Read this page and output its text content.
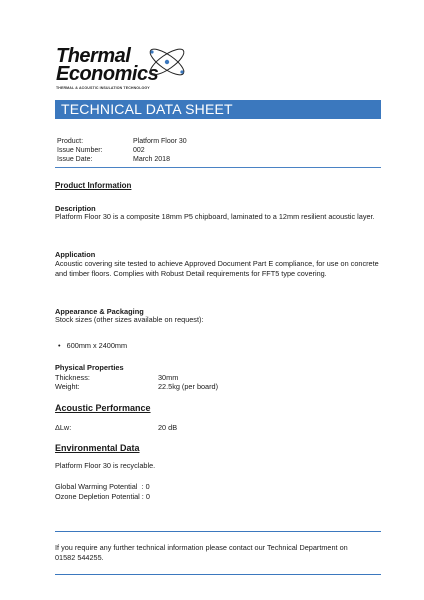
Thermal
Economics
THERMAL & ACOUSTIC INSULATION TECHNOLOGY
TECHNICAL DATA SHEET
Product:	Platform Floor 30
Issue Number:	002
Issue Date:	March 2018
Product Information
Description
Platform Floor 30 is a composite 18mm P5 chipboard, laminated to a 12mm resilient acoustic layer.
Application
Acoustic covering site tested to achieve Approved Document Part E compliance, for use on concrete and timber floors. Complies with Robust Detail requirements for FFT5 type covering.
Appearance & Packaging
Stock sizes (other sizes available on request):
•   600mm x 2400mm
Physical Properties
Thickness:	30mm
Weight:	22.5kg (per board)
Acoustic Performance
ΔLw:	20 dB
Environmental Data
Platform Floor 30 is recyclable.
Global Warming Potential  : 0
Ozone Depletion Potential : 0
If you require any further technical information please contact our Technical Department on 01582 544255.
